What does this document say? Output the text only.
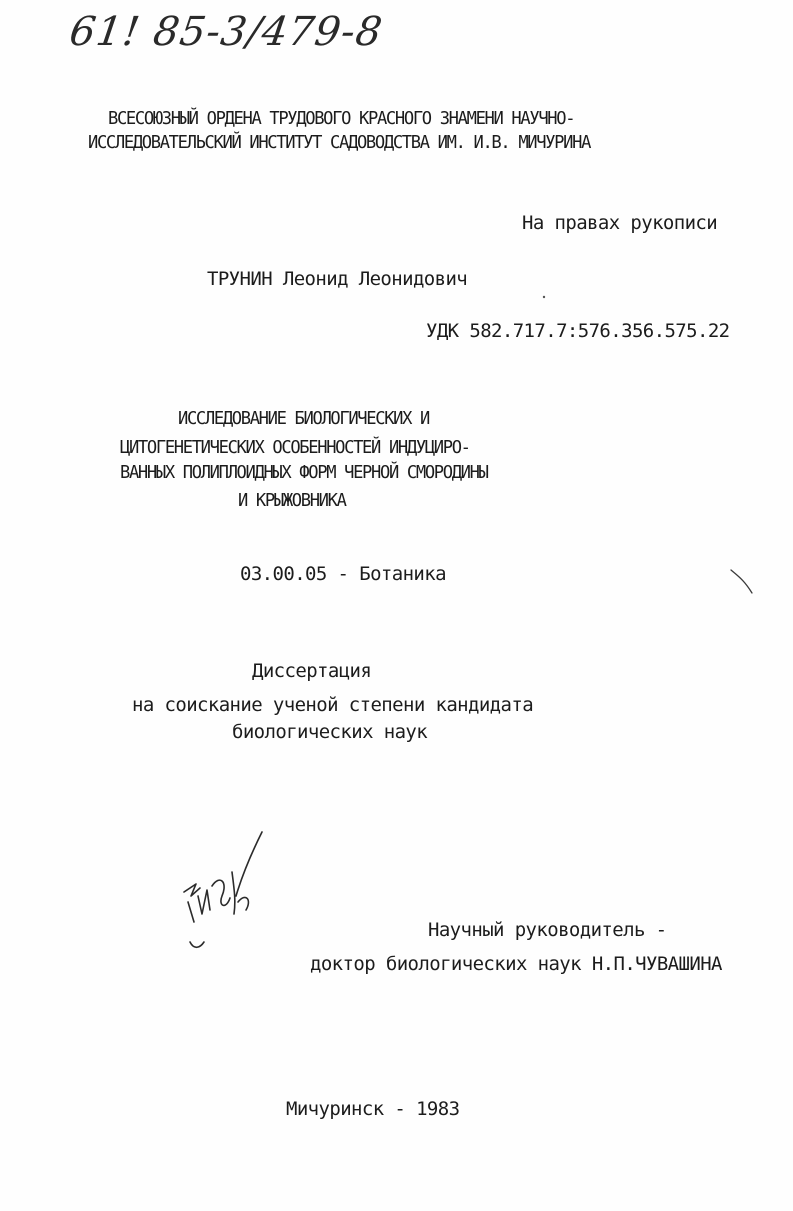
61! 85-3/479-8
ВСЕСОЮЗНЫЙ ОРДЕНА ТРУДОВОГО КРАСНОГО ЗНАМЕНИ НАУЧНО-
ИССЛЕДОВАТЕЛЬСКИЙ ИНСТИТУТ САДОВОДСТВА ИМ. И.В. МИЧУРИНА
На правах рукописи
ТРУНИН Леонид Леонидович
УДК 582.717.7:576.356.575.22
ИССЛЕДОВАНИЕ БИОЛОГИЧЕСКИХ И
ЦИТОГЕНЕТИЧЕСКИХ ОСОБЕННОСТЕЙ ИНДУЦИРО-
ВАННЫХ ПОЛИПЛОИДНЫХ ФОРМ ЧЕРНОЙ СМОРОДИНЫ
И КРЫЖОВНИКА
03.00.05 - Ботаника
Диссертация
на соискание ученой степени кандидата
биологических наук
Научный руководитель -
доктор биологических наук Н.П.ЧУВАШИНА
Мичуринск - 1983
